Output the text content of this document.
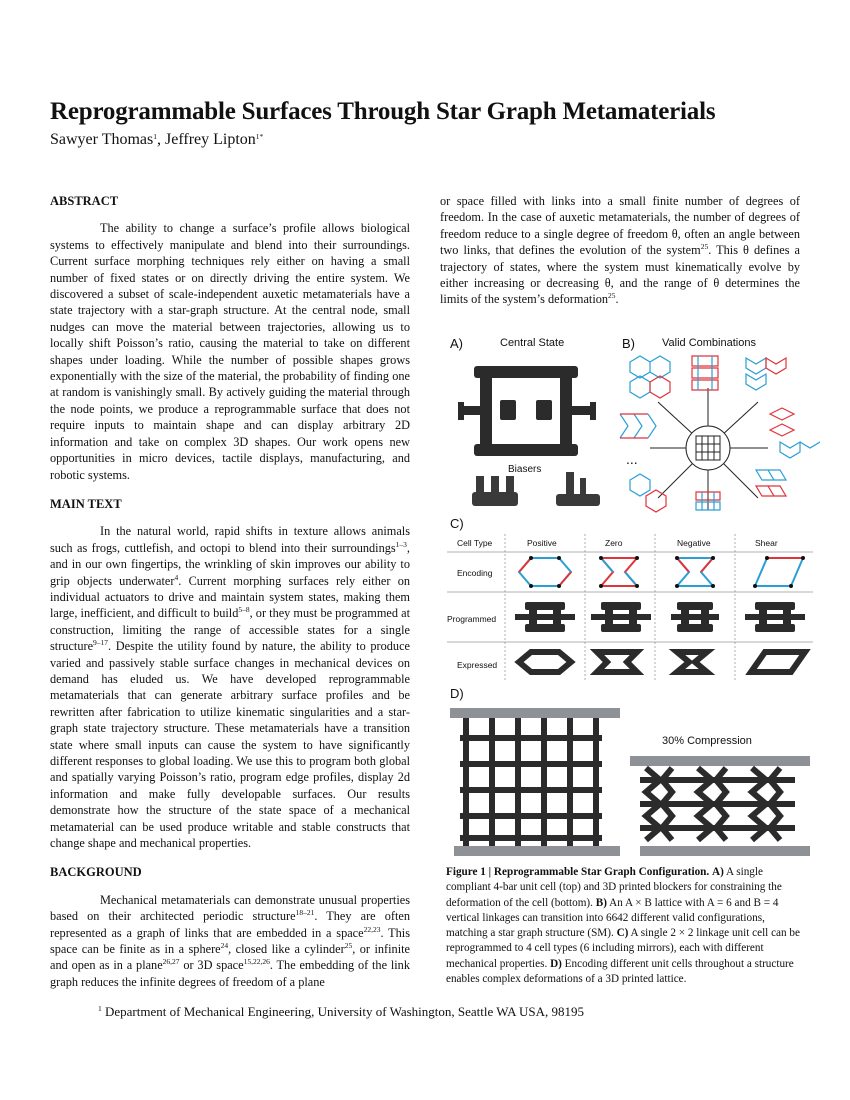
Reprogrammable Surfaces Through Star Graph Metamaterials
Sawyer Thomas$^1$, Jeffrey Lipton$^{1*}$

ABSTRACT

The ability to change a surface’s profile allows biological systems to effectively manipulate and blend into their surroundings. Current surface morphing techniques rely either on having a small number of fixed states or on directly driving the entire system. We discovered a subset of scale-independent auxetic metamaterials have a state trajectory with a star-graph structure. At the central node, small nudges can move the material between trajectories, allowing us to locally shift Poisson’s ratio, causing the material to take on different shapes under loading. While the number of possible shapes grows exponentially with the size of the material, the probability of finding one at random is vanishingly small. By actively guiding the material through the node points, we produce a reprogrammable surface that does not require inputs to maintain shape and can display arbitrary 2D information and take on complex 3D shapes. Our work opens new opportunities in micro devices, tactile displays, manufacturing, and robotic systems.

MAIN TEXT

In the natural world, rapid shifts in texture allows animals such as frogs, cuttlefish, and octopi to blend into their surroundings$^{1-3}$, and in our own fingertips, the wrinkling of skin improves our ability to grip objects underwater$^4$. Current morphing surfaces rely either on individual actuators to drive and maintain system states, making them large, inefficient, and difficult to build$^{5-8}$, or they must be programmed at construction, limiting the range of accessible states for a single structure$^{9-17}$. Despite the utility found by nature, the ability to produce varied and passively stable surface changes in mechanical devices on demand has eluded us. We have developed reprogrammable metamaterials that can generate arbitrary surface profiles and be rewritten after fabrication to utilize kinematic singularities and a star-graph state trajectory structure. These metamaterials have a transition state where small inputs can cause the system to have significantly different responses to global loading. We use this to program both global and spatially varying Poisson’s ratio, program edge profiles, display 2d information and make fully developable surfaces. Our results demonstrate how the structure of the state space of a mechanical metamaterial can be used produce writable and stable constructs that change shape and mechanical properties.

BACKGROUND

Mechanical metamaterials can demonstrate unusual properties based on their architected periodic structure$^{18-21}$. They are often represented as a graph of links that are embedded in a space$^{22,23}$. This space can be finite as in a sphere$^{24}$, closed like a cylinder$^{25}$, or infinite and open as in a plane$^{26,27}$ or 3D space$^{15,22,26}$. The embedding of the link graph reduces the infinite degrees of freedom of a plane

or space filled with links into a small finite number of degrees of freedom. In the case of auxetic metamaterials, the number of degrees of freedom reduce to a single degree of freedom θ, often an angle between two links, that defines the evolution of the system$^{25}$. This θ defines a trajectory of states, where the system must kinematically evolve by either increasing or decreasing θ, and the range of θ determines the limits of the system’s deformation$^{25}$.

A)	Central State	B) Valid Combinations
Biasers
...
C)
Cell Type	Positive	Zero	Negative	Shear
Encoding
Programmed
Expressed
D)
30% Compression
Figure 1 | Reprogrammable Star Graph Configuration. A) A single compliant 4-bar unit cell (top) and 3D printed blockers for constraining the deformation of the cell (bottom). B) An A × B lattice with A = 6 and B = 4 vertical linkages can transition into 6642 different valid configurations, matching a star graph structure (SM). C) A single 2 × 2 linkage unit cell can be reprogrammed to 4 cell types (6 including mirrors), each with different mechanical properties. D) Encoding different unit cells throughout a structure enables complex deformations of a 3D printed lattice.
$^1$ Department of Mechanical Engineering, University of Washington, Seattle WA USA, 98195
